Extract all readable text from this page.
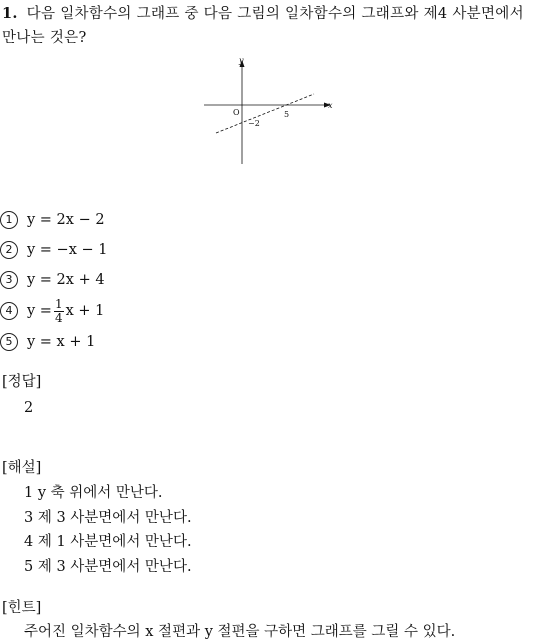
1. 다음 일차함수의 그래프 중 다음 그림의 일차함수의 그래프와 제4 사분면에서 만나는 것은?
x
y
O	5
−2
1	y = 2x − 2
2	y = −x − 1
3	y = 2x + 4
4	$y = \frac{1}{4}$ x + 1
5	y = x + 1
[정답]
2
[해설]
1 y 축 위에서 만난다.
3 제 3 사분면에서 만난다.
4 제 1 사분면에서 만난다.
5 제 3 사분면에서 만난다.
[힌트]
주어진 일차함수의 x 절편과 y 절편을 구하면 그래프를 그릴 수 있다.
